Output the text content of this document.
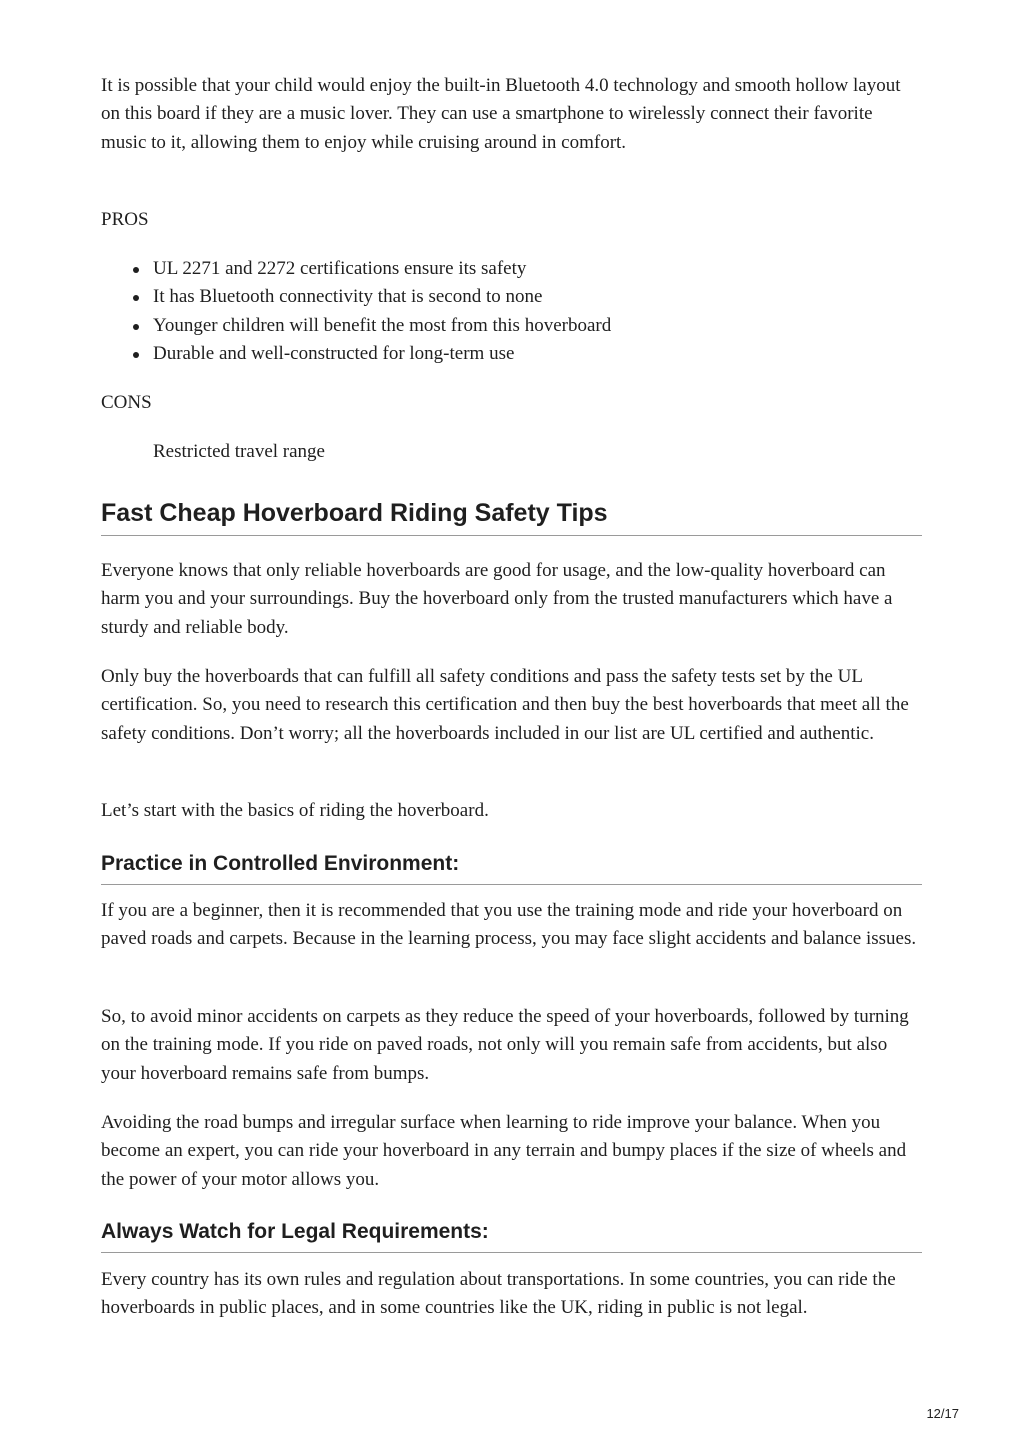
It is possible that your child would enjoy the built-in Bluetooth 4.0 technology and smooth hollow layout on this board if they are a music lover. They can use a smartphone to wirelessly connect their favorite music to it, allowing them to enjoy while cruising around in comfort.

PROS

UL 2271 and 2272 certifications ensure its safety
It has Bluetooth connectivity that is second to none
Younger children will benefit the most from this hoverboard
Durable and well-constructed for long-term use

CONS

Restricted travel range

Fast Cheap Hoverboard Riding Safety Tips

Everyone knows that only reliable hoverboards are good for usage, and the low-quality hoverboard can harm you and your surroundings. Buy the hoverboard only from the trusted manufacturers which have a sturdy and reliable body.

Only buy the hoverboards that can fulfill all safety conditions and pass the safety tests set by the UL certification. So, you need to research this certification and then buy the best hoverboards that meet all the safety conditions. Don’t worry; all the hoverboards included in our list are UL certified and authentic.

Let’s start with the basics of riding the hoverboard.

Practice in Controlled Environment:

If you are a beginner, then it is recommended that you use the training mode and ride your hoverboard on paved roads and carpets. Because in the learning process, you may face slight accidents and balance issues.

So, to avoid minor accidents on carpets as they reduce the speed of your hoverboards, followed by turning on the training mode. If you ride on paved roads, not only will you remain safe from accidents, but also your hoverboard remains safe from bumps.

Avoiding the road bumps and irregular surface when learning to ride improve your balance. When you become an expert, you can ride your hoverboard in any terrain and bumpy places if the size of wheels and the power of your motor allows you.

Always Watch for Legal Requirements:

Every country has its own rules and regulation about transportations. In some countries, you can ride the hoverboards in public places, and in some countries like the UK, riding in public is not legal.

12/17
